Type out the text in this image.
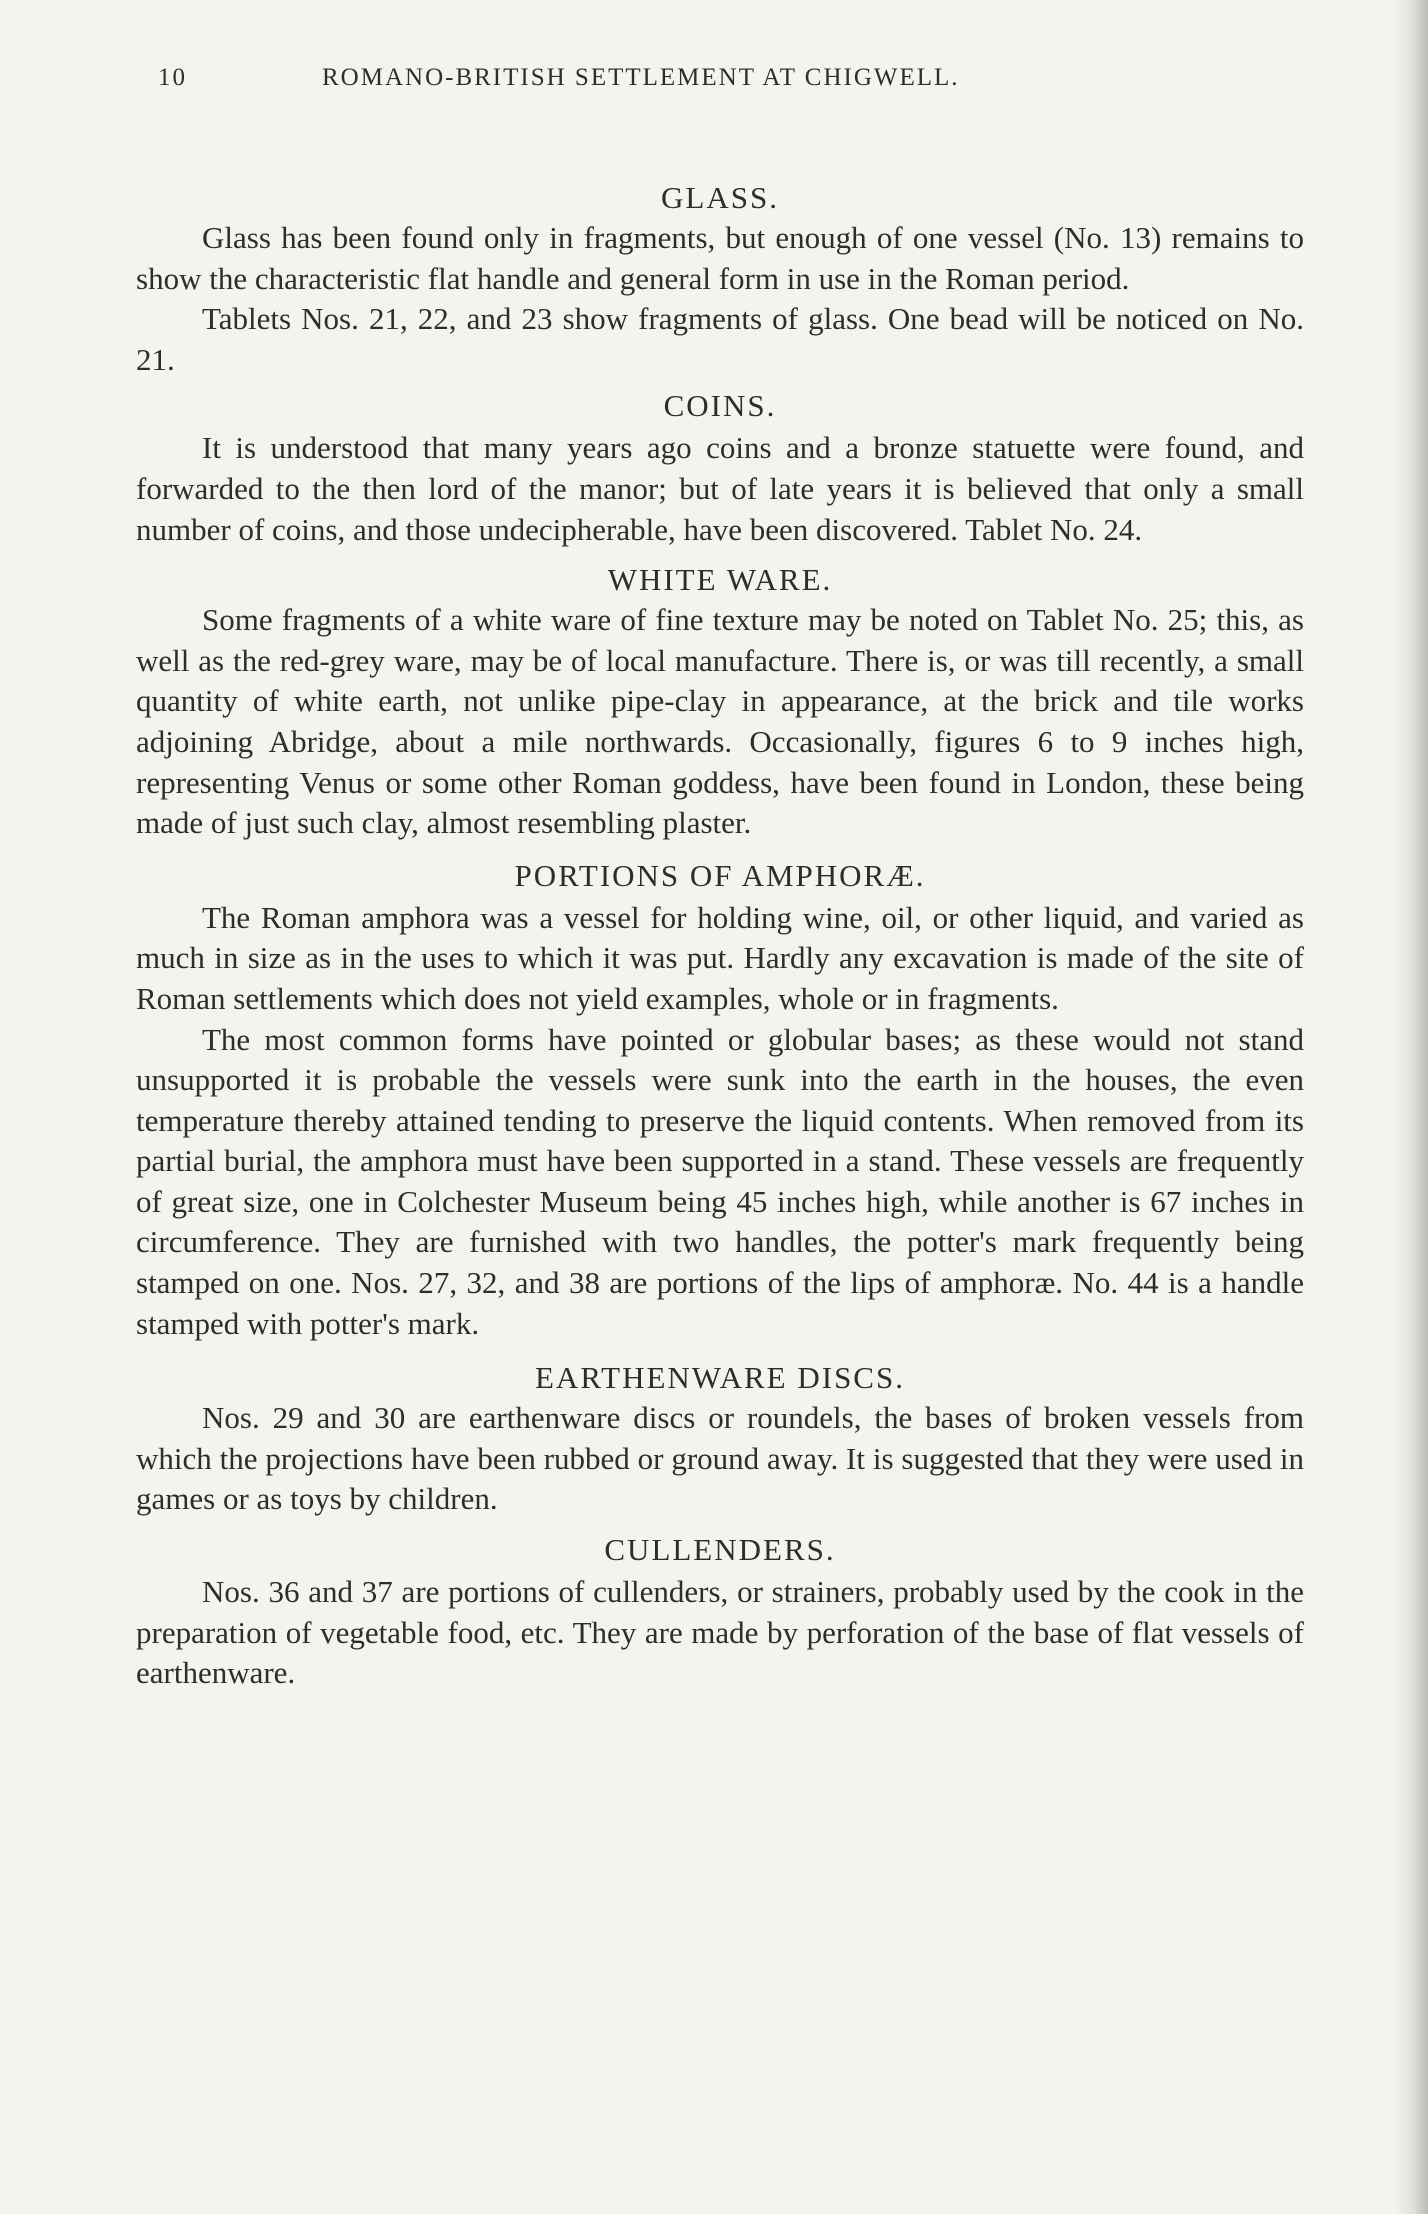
10	ROMANO-BRITISH SETTLEMENT AT CHIGWELL.
GLASS.

Glass has been found only in fragments, but enough of one vessel (No. 13) remains to show the characteristic flat handle and general form in use in the Roman period.

Tablets Nos. 21, 22, and 23 show fragments of glass. One bead will be noticed on No. 21.

COINS.

It is understood that many years ago coins and a bronze statuette were found, and forwarded to the then lord of the manor; but of late years it is believed that only a small number of coins, and those undecipherable, have been discovered. Tablet No. 24.

WHITE WARE.

Some fragments of a white ware of fine texture may be noted on Tablet No. 25; this, as well as the red-grey ware, may be of local manufacture. There is, or was till recently, a small quantity of white earth, not unlike pipe-clay in appearance, at the brick and tile works adjoining Abridge, about a mile northwards. Occasionally, figures 6 to 9 inches high, representing Venus or some other Roman goddess, have been found in London, these being made of just such clay, almost resembling plaster.

PORTIONS OF AMPHORÆ.

The Roman amphora was a vessel for holding wine, oil, or other liquid, and varied as much in size as in the uses to which it was put. Hardly any excavation is made of the site of Roman settlements which does not yield examples, whole or in fragments.

The most common forms have pointed or globular bases; as these would not stand unsupported it is probable the vessels were sunk into the earth in the houses, the even temperature thereby attained tending to preserve the liquid contents. When removed from its partial burial, the amphora must have been supported in a stand. These vessels are frequently of great size, one in Colchester Museum being 45 inches high, while another is 67 inches in circumference. They are furnished with two handles, the potter's mark frequently being stamped on one. Nos. 27, 32, and 38 are portions of the lips of amphoræ. No. 44 is a handle stamped with potter's mark.

EARTHENWARE DISCS.

Nos. 29 and 30 are earthenware discs or roundels, the bases of broken vessels from which the projections have been rubbed or ground away. It is suggested that they were used in games or as toys by children.

CULLENDERS.

Nos. 36 and 37 are portions of cullenders, or strainers, probably used by the cook in the preparation of vegetable food, etc. They are made by perforation of the base of flat vessels of earthenware.
